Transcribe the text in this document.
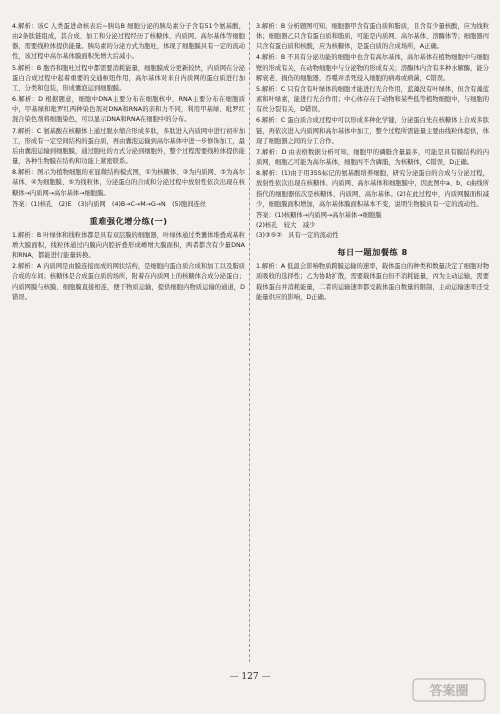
4.解析：该C 人类蛋进命核表后~胰岛B 细胞分泌的胰岛素分子含有51个氨基酸，由2条肽链组成，其合成、加工和分泌过程经历了核糖体、内质网、高尔基体等细胞器，需要线粒体提供能量。胰岛素的分泌方式为胞吐，体现了细胞膜具有一定的流动性，该过程中高尔基体膜面积先增大后减小。

5.解析：B 胞吞和胞吐过程中都需要消耗能量，细胞膜成分更新较快，内质网在分泌蛋白合成过程中起着重要的交通枢纽作用，高尔基体对来自内质网的蛋白质进行加工、分类和包装，形成囊泡运到细胞膜。

6.解析：D 根据题意，细胞中DNA主要分布在细胞核中，RNA主要分布在细胞质中，甲基绿和吡罗红两种染色剂对DNA和RNA的亲和力不同，利用甲基绿、吡罗红混合染色剂将细胞染色，可以显示DNA和RNA在细胞中的分布。

7.解析：C 氨基酸在核糖体上通过脱水缩合形成多肽，多肽进入内质网中进行初步加工，形成有一定空间结构的蛋白质，再由囊泡运输到高尔基体中进一步修饰加工，最后由囊泡运输到细胞膜，通过胞吐的方式分泌到细胞外，整个过程需要线粒体提供能量，各种生物膜在结构和功能上紧密联系。

8.解析：图示为植物细胞的亚显微结构模式图，①为核糖体、②为内质网、③为高尔基体、④为细胞膜、⑤为线粒体，分泌蛋白的合成和分泌过程中放射性依次出现在核糖体→内质网→高尔基体→细胞膜。

答案：(1)核孔　(2)E　(3)内质网　(4)B→C→M→G→N　(5)胞间连丝

重难强化增分练(一)

1.解析：B 叶绿体和线粒体都是具有双层膜的细胞器，叶绿体通过类囊体堆叠成基粒增大膜面积，线粒体通过内膜向内腔折叠形成嵴增大膜面积，两者都含有少量DNA和RNA，都能进行能量转换。

2.解析：A 内质网是由膜连接而成的网状结构，是细胞内蛋白质合成和加工以及脂质合成的车间；核糖体是合成蛋白质的场所，附着在内质网上的核糖体合成分泌蛋白；内质网膜与核膜、细胞膜直接相连，便于物质运输，提供细胞内物质运输的通道，D错误。

3.解析：B 分析题图可知，细胞器甲含有蛋白质和脂质，且含有少量核酸，应为线粒体；细胞器乙只含有蛋白质和脂质，可能是内质网、高尔基体、溶酶体等；细胞器丙只含有蛋白质和核酸，应为核糖体，是蛋白质的合成场所，A正确。

4.解析：B 不具有分泌功能的细胞中也含有高尔基体，高尔基体在植物细胞中与细胞壁的形成有关，在动物细胞中与分泌物的形成有关；溶酶体内含有多种水解酶，能分解衰老、损伤的细胞器，吞噬并杀死侵入细胞的病毒或病菌，C错误。

5.解析：C 只有含有叶绿体的细胞才能进行光合作用，蓝藻没有叶绿体，但含有藻蓝素和叶绿素，能进行光合作用；中心体存在于动物和某些低等植物细胞中，与细胞的有丝分裂有关，D错误。

6.解析：C 蛋白质合成过程中可以形成多种化学键，分泌蛋白先在核糖体上合成多肽链，再依次进入内质网和高尔基体中加工，整个过程所需能量主要由线粒体提供，体现了细胞器之间的分工合作。

7.解析：D 由表格数据分析可知，细胞甲的磷脂含量最多，可能是具有膜结构的内质网，细胞乙可能为高尔基体，细胞丙不含磷脂，为核糖体，C错误，D正确。

8.解析：(1)由于用35S标记的氨基酸培养细胞，研究分泌蛋白的合成与分泌过程，放射性依次出现在核糖体、内质网、高尔基体和细胞膜中，因此图中a、b、c曲线所指代的细胞器依次是核糖体、内质网、高尔基体。(2)在此过程中，内质网膜面积减少，细胞膜面积增加，高尔基体膜面积基本不变，说明生物膜具有一定的流动性。

答案：(1)核糖体→内质网→高尔基体→细胞膜

(2)核孔　较大　减少

(3)③⑤②　具有一定的流动性

每日一题加餐练 8

1.解析：A 低温会影响物质跨膜运输的速率，载体蛋白的种类和数量决定了细胞对物质吸收的选择性；乙为协助扩散，需要载体蛋白但不消耗能量，丙为主动运输，需要载体蛋白并消耗能量，二者的运输速率都受载体蛋白数量的限制，主动运输速率还受能量供应的影响，D正确。

— 127 —
答案圈
